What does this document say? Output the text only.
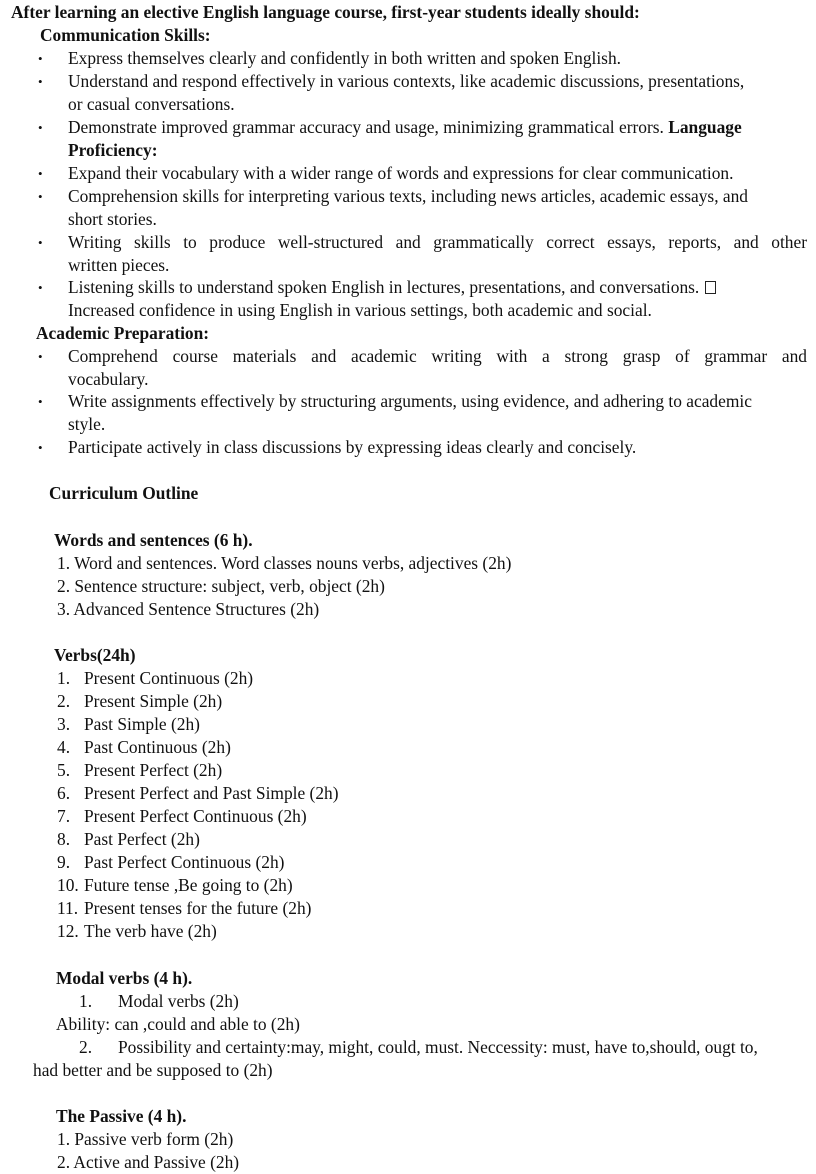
After learning an elective English language course, first-year students ideally should:
Communication Skills:
• Express themselves clearly and confidently in both written and spoken English.
• Understand and respond effectively in various contexts, like academic discussions, presentations,
or casual conversations.
• Demonstrate improved grammar accuracy and usage, minimizing grammatical errors. Language
Proficiency:
• Expand their vocabulary with a wider range of words and expressions for clear communication.
• Comprehension skills for interpreting various texts, including news articles, academic essays, and
short stories.
• Writing skills to produce well-structured and grammatically correct essays, reports, and other
written pieces.
• Listening skills to understand spoken English in lectures, presentations, and conversations.
Increased confidence in using English in various settings, both academic and social.
Academic Preparation:
• Comprehend course materials and academic writing with a strong grasp of grammar and
vocabulary.
• Write assignments effectively by structuring arguments, using evidence, and adhering to academic
style.
• Participate actively in class discussions by expressing ideas clearly and concisely.
Curriculum Outline
Words and sentences (6 h).
1. Word and sentences. Word classes nouns verbs, adjectives (2h)
2. Sentence structure: subject, verb, object (2h)
3. Advanced Sentence Structures (2h)
Verbs(24h)
1. Present Continuous (2h)
2. Present Simple (2h)
3. Past Simple (2h)
4. Past Continuous (2h)
5. Present Perfect (2h)
6. Present Perfect and Past Simple (2h)
7. Present Perfect Continuous (2h)
8. Past Perfect (2h)
9. Past Perfect Continuous (2h)
10. Future tense ,Be going to (2h)
11. Present tenses for the future (2h)
12. The verb have (2h)
Modal verbs (4 h).
1. Modal verbs (2h)
Ability: can ,could and able to (2h)
2. Possibility and certainty:may, might, could, must. Neccessity: must, have to,should, ougt to,
had better and be supposed to (2h)
The Passive (4 h).
1. Passive verb form (2h)
2. Active and Passive (2h)
